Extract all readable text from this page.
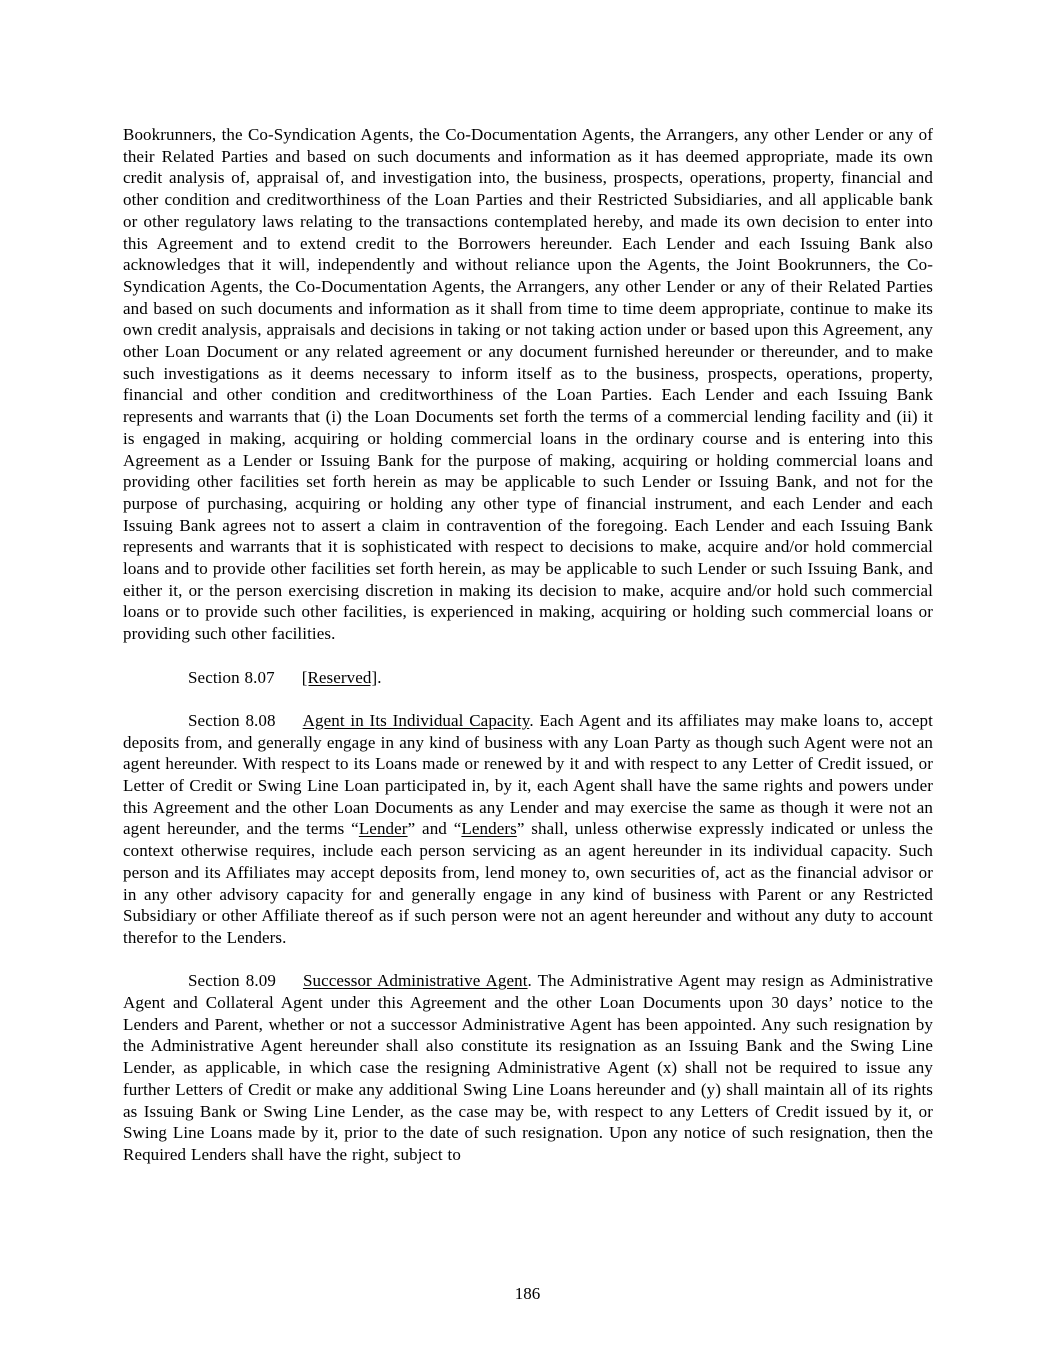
Bookrunners, the Co-Syndication Agents, the Co-Documentation Agents, the Arrangers, any other Lender or any of their Related Parties and based on such documents and information as it has deemed appropriate, made its own credit analysis of, appraisal of, and investigation into, the business, prospects, operations, property, financial and other condition and creditworthiness of the Loan Parties and their Restricted Subsidiaries, and all applicable bank or other regulatory laws relating to the transactions contemplated hereby, and made its own decision to enter into this Agreement and to extend credit to the Borrowers hereunder. Each Lender and each Issuing Bank also acknowledges that it will, independently and without reliance upon the Agents, the Joint Bookrunners, the Co-Syndication Agents, the Co-Documentation Agents, the Arrangers, any other Lender or any of their Related Parties and based on such documents and information as it shall from time to time deem appropriate, continue to make its own credit analysis, appraisals and decisions in taking or not taking action under or based upon this Agreement, any other Loan Document or any related agreement or any document furnished hereunder or thereunder, and to make such investigations as it deems necessary to inform itself as to the business, prospects, operations, property, financial and other condition and creditworthiness of the Loan Parties. Each Lender and each Issuing Bank represents and warrants that (i) the Loan Documents set forth the terms of a commercial lending facility and (ii) it is engaged in making, acquiring or holding commercial loans in the ordinary course and is entering into this Agreement as a Lender or Issuing Bank for the purpose of making, acquiring or holding commercial loans and providing other facilities set forth herein as may be applicable to such Lender or Issuing Bank, and not for the purpose of purchasing, acquiring or holding any other type of financial instrument, and each Lender and each Issuing Bank agrees not to assert a claim in contravention of the foregoing. Each Lender and each Issuing Bank represents and warrants that it is sophisticated with respect to decisions to make, acquire and/or hold commercial loans and to provide other facilities set forth herein, as may be applicable to such Lender or such Issuing Bank, and either it, or the person exercising discretion in making its decision to make, acquire and/or hold such commercial loans or to provide such other facilities, is experienced in making, acquiring or holding such commercial loans or providing such other facilities.

Section 8.07 [Reserved].

Section 8.08 Agent in Its Individual Capacity. Each Agent and its affiliates may make loans to, accept deposits from, and generally engage in any kind of business with any Loan Party as though such Agent were not an agent hereunder. With respect to its Loans made or renewed by it and with respect to any Letter of Credit issued, or Letter of Credit or Swing Line Loan participated in, by it, each Agent shall have the same rights and powers under this Agreement and the other Loan Documents as any Lender and may exercise the same as though it were not an agent hereunder, and the terms “Lender” and “Lenders” shall, unless otherwise expressly indicated or unless the context otherwise requires, include each person servicing as an agent hereunder in its individual capacity. Such person and its Affiliates may accept deposits from, lend money to, own securities of, act as the financial advisor or in any other advisory capacity for and generally engage in any kind of business with Parent or any Restricted Subsidiary or other Affiliate thereof as if such person were not an agent hereunder and without any duty to account therefor to the Lenders.

Section 8.09 Successor Administrative Agent. The Administrative Agent may resign as Administrative Agent and Collateral Agent under this Agreement and the other Loan Documents upon 30 days’ notice to the Lenders and Parent, whether or not a successor Administrative Agent has been appointed. Any such resignation by the Administrative Agent hereunder shall also constitute its resignation as an Issuing Bank and the Swing Line Lender, as applicable, in which case the resigning Administrative Agent (x) shall not be required to issue any further Letters of Credit or make any additional Swing Line Loans hereunder and (y) shall maintain all of its rights as Issuing Bank or Swing Line Lender, as the case may be, with respect to any Letters of Credit issued by it, or Swing Line Loans made by it, prior to the date of such resignation. Upon any notice of such resignation, then the Required Lenders shall have the right, subject to

186
